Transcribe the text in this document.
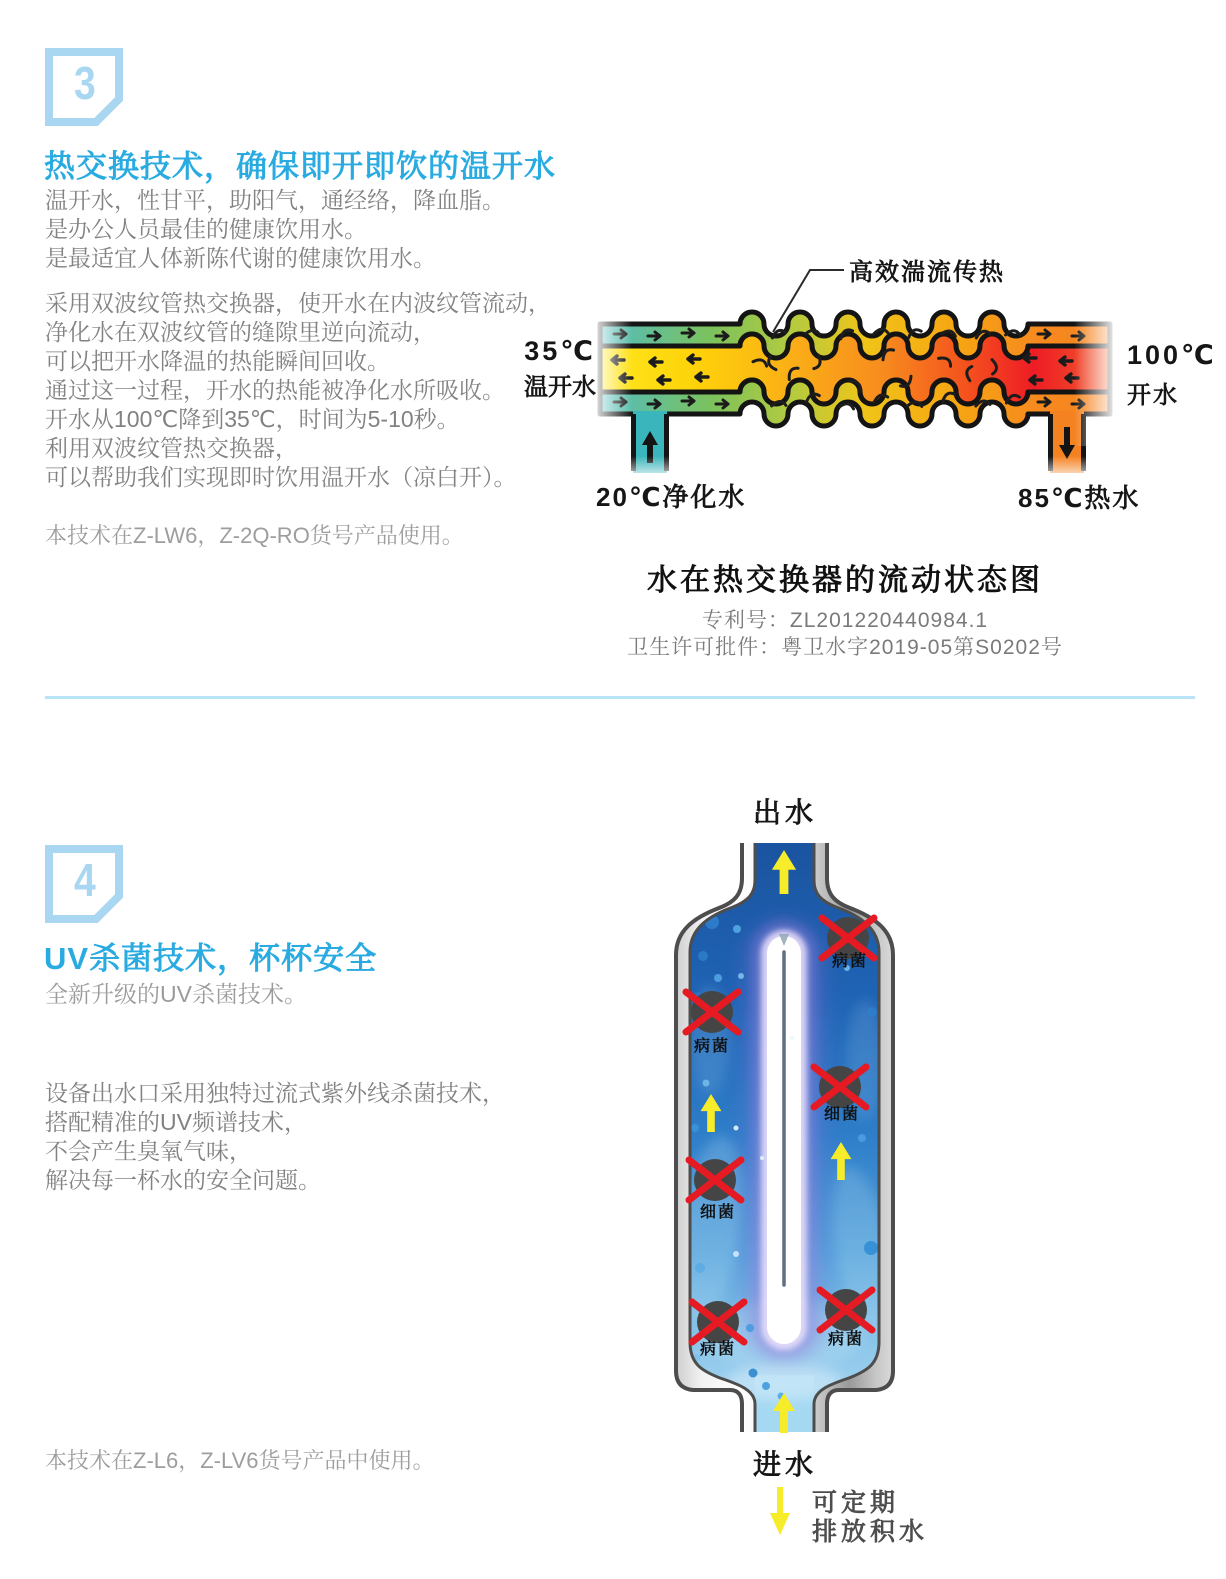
3
热交换技术，确保即开即饮的温开水
温开水，性甘平，助阳气，通经络，降血脂。
是办公人员最佳的健康饮用水。
是最适宜人体新陈代谢的健康饮用水。
采用双波纹管热交换器，使开水在内波纹管流动，
净化水在双波纹管的缝隙里逆向流动，
可以把开水降温的热能瞬间回收。
通过这一过程，开水的热能被净化水所吸收。
开水从100℃降到35℃，时间为5-10秒。
利用双波纹管热交换器，
可以帮助我们实现即时饮用温开水（凉白开）。
本技术在Z-LW6，Z-2Q-RO货号产品使用。
高效湍流传热
35℃
温开水
100℃
开水
20℃净化水	85℃热水
水在热交换器的流动状态图
专利号：ZL201220440984.1
卫生许可批件：粤卫水字2019-05第S0202号
4
UV杀菌技术，杯杯安全
全新升级的UV杀菌技术。
设备出水口采用独特过流式紫外线杀菌技术，
搭配精准的UV频谱技术，
不会产生臭氧气味，
解决每一杯水的安全问题。
本技术在Z-L6，Z-LV6货号产品中使用。
出水
病菌
病菌
细菌
细菌
病菌
病菌
进水
可定期
排放积水
